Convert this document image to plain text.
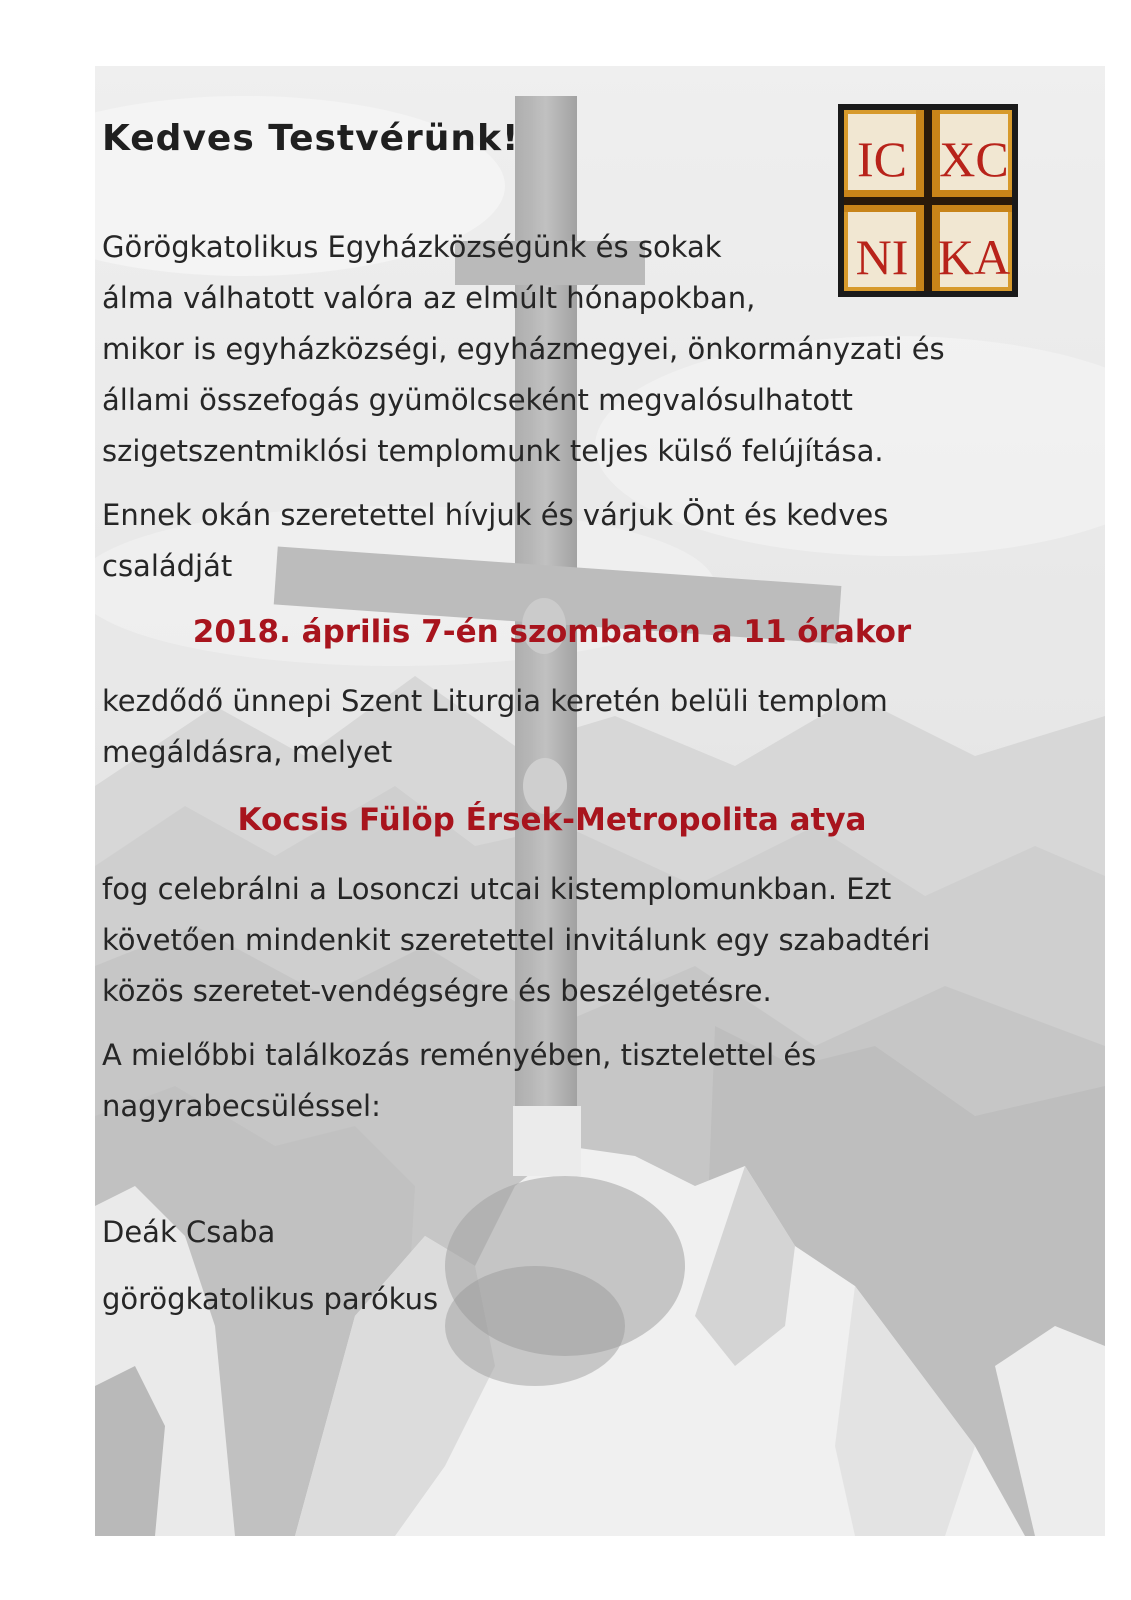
IC XC
NI KA
Kedves Testvérünk!

Görögkatolikus Egyházközségünk és sokak
álma válhatott valóra az elmúlt hónapokban,
mikor is egyházközségi, egyházmegyei, önkormányzati és
állami összefogás gyümölcseként megvalósulhatott
szigetszentmiklósi templomunk teljes külső felújítása.

Ennek okán szeretettel hívjuk és várjuk Önt és kedves
családját

2018. április 7-én szombaton a 11 órakor

kezdődő ünnepi Szent Liturgia keretén belüli templom
megáldásra, melyet

Kocsis Fülöp Érsek-Metropolita atya

fog celebrálni a Losonczi utcai kistemplomunkban. Ezt
követően mindenkit szeretettel invitálunk egy szabadtéri
közös szeretet-vendégségre és beszélgetésre.

A mielőbbi találkozás reményében, tisztelettel és
nagyrabecsüléssel:

Deák Csaba

görögkatolikus parókus
